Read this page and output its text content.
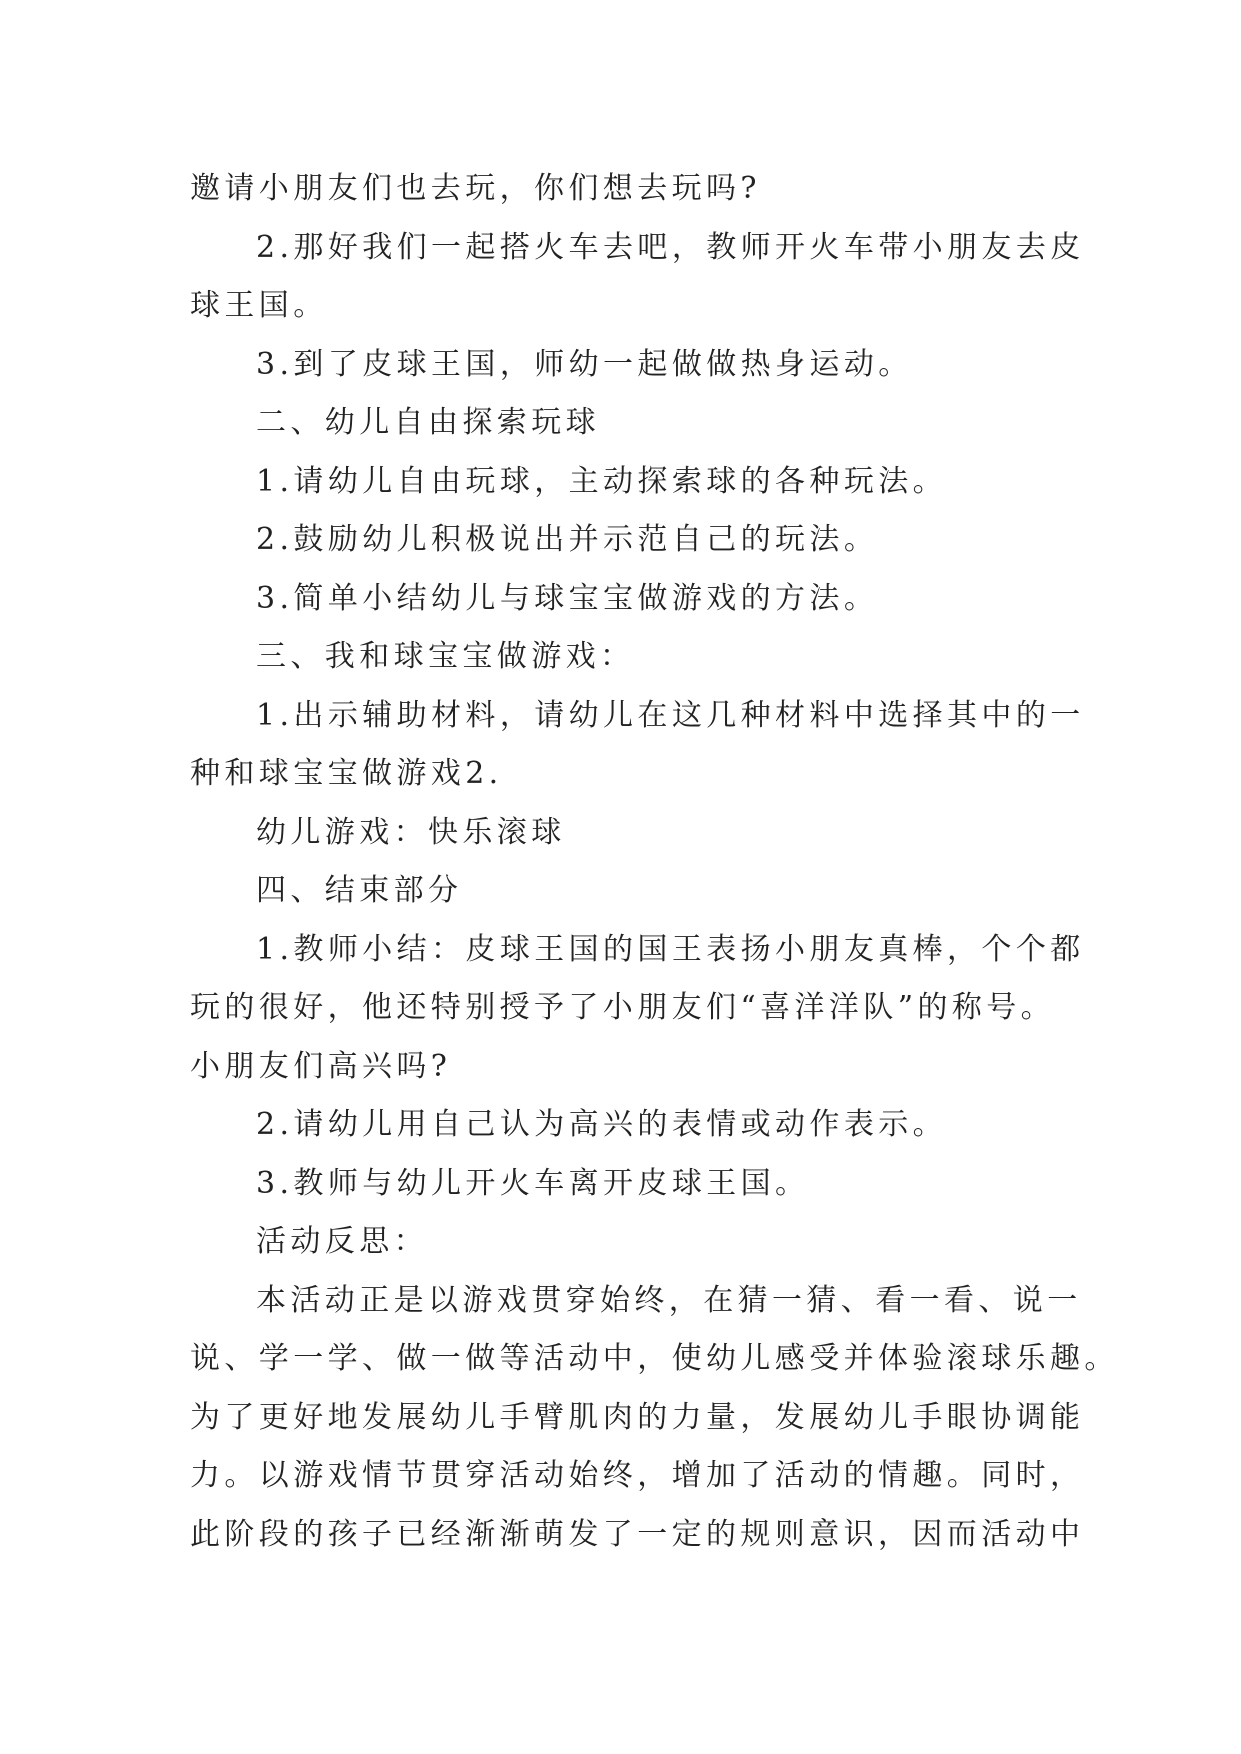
邀请小朋友们也去玩，你们想去玩吗?
2.那好我们一起搭火车去吧，教师开火车带小朋友去皮
球王国。
3.到了皮球王国，师幼一起做做热身运动。
二、幼儿自由探索玩球
1.请幼儿自由玩球，主动探索球的各种玩法。
2.鼓励幼儿积极说出并示范自己的玩法。
3.简单小结幼儿与球宝宝做游戏的方法。
三、我和球宝宝做游戏：
1.出示辅助材料，请幼儿在这几种材料中选择其中的一
种和球宝宝做游戏2.
幼儿游戏：快乐滚球
四、结束部分
1.教师小结：皮球王国的国王表扬小朋友真棒，个个都
玩的很好，他还特别授予了小朋友们“喜洋洋队”的称号。
小朋友们高兴吗?
2.请幼儿用自己认为高兴的表情或动作表示。
3.教师与幼儿开火车离开皮球王国。
活动反思：
本活动正是以游戏贯穿始终，在猜一猜、看一看、说一
说、学一学、做一做等活动中，使幼儿感受并体验滚球乐趣。
为了更好地发展幼儿手臂肌肉的力量，发展幼儿手眼协调能
力。以游戏情节贯穿活动始终，增加了活动的情趣。同时，
此阶段的孩子已经渐渐萌发了一定的规则意识，因而活动中
